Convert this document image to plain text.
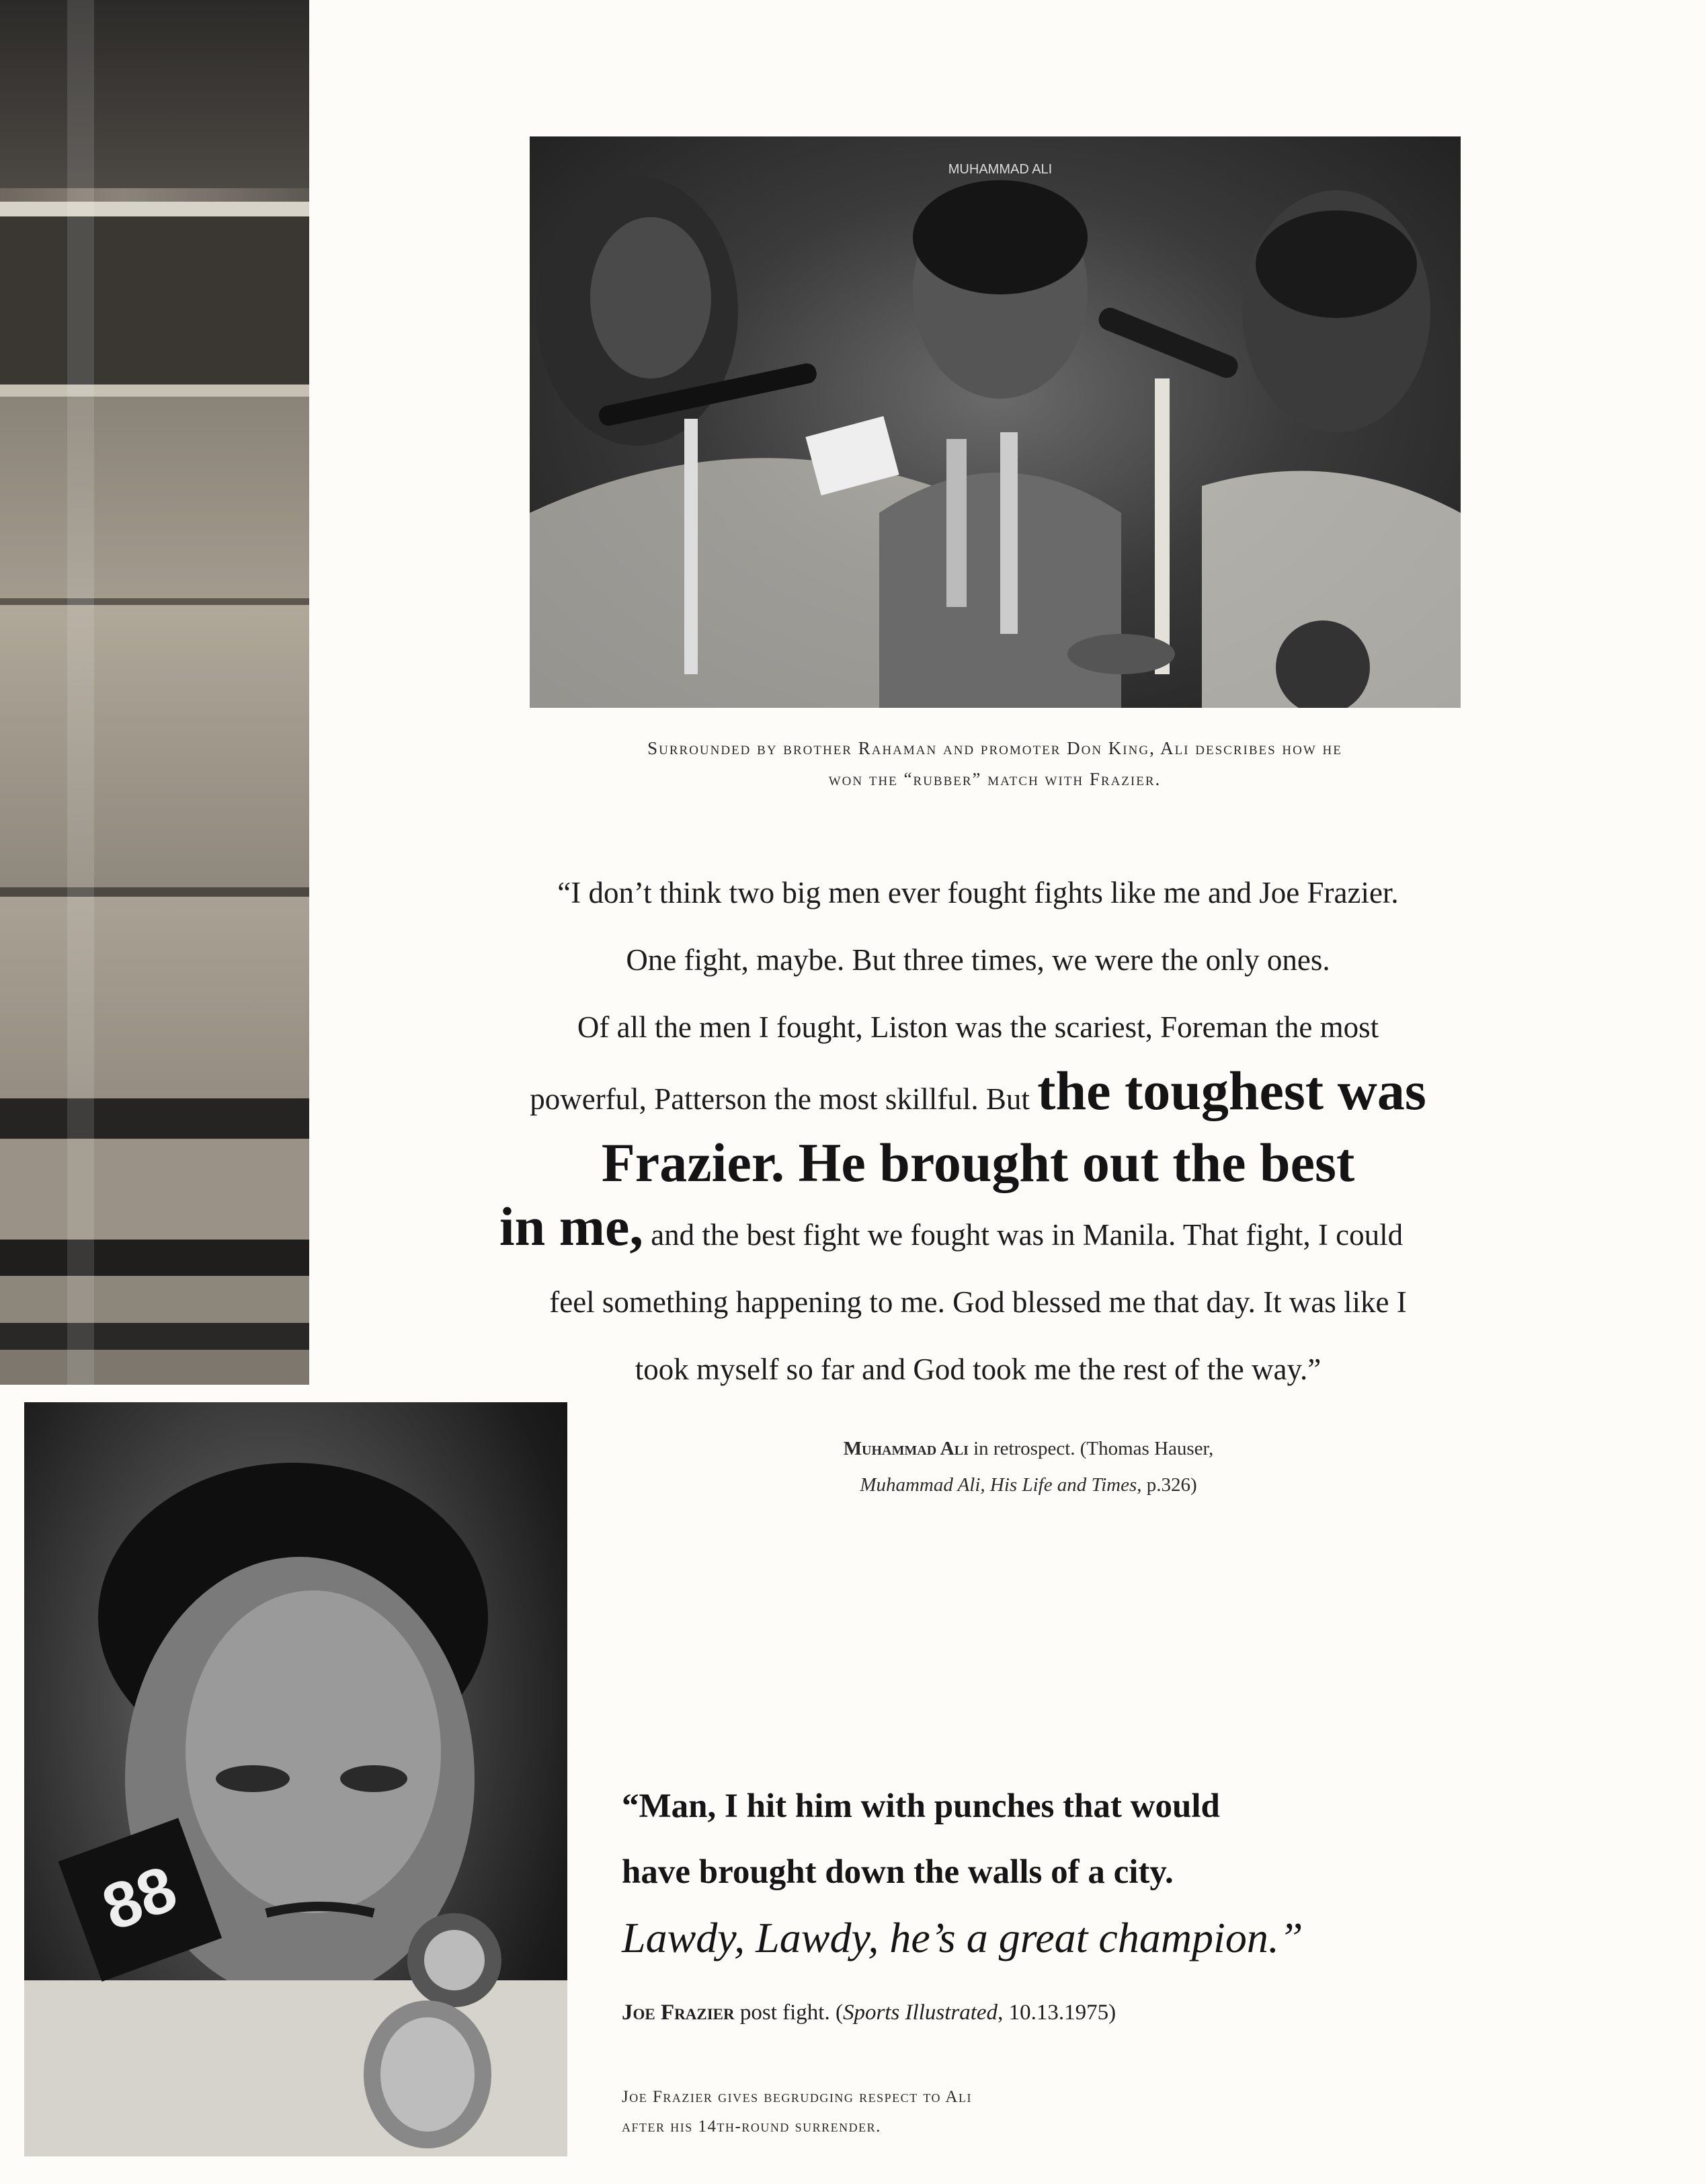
MUHAMMAD ALI
Surrounded by brother Rahaman and promoter Don King, Ali describes how he
won the “rubber” match with Frazier.
“I don’t think two big men ever fought fights like me and Joe Frazier.
One fight, maybe. But three times, we were the only ones.
Of all the men I fought, Liston was the scariest, Foreman the most
powerful, Patterson the most skillful. But the toughest was
Frazier. He brought out the best
in me, and the best fight we fought was in Manila. That fight, I could
feel something happening to me. God blessed me that day. It was like I
took myself so far and God took me the rest of the way.”
Muhammad Ali in retrospect. (Thomas Hauser,
Muhammad Ali, His Life and Times, p.326)
88
“Man, I hit him with punches that would
have brought down the walls of a city.
Lawdy, Lawdy, he’s a great champion.”
Joe Frazier post fight. (Sports Illustrated, 10.13.1975)
Joe Frazier gives begrudging respect to Ali
after his 14th-round surrender.
